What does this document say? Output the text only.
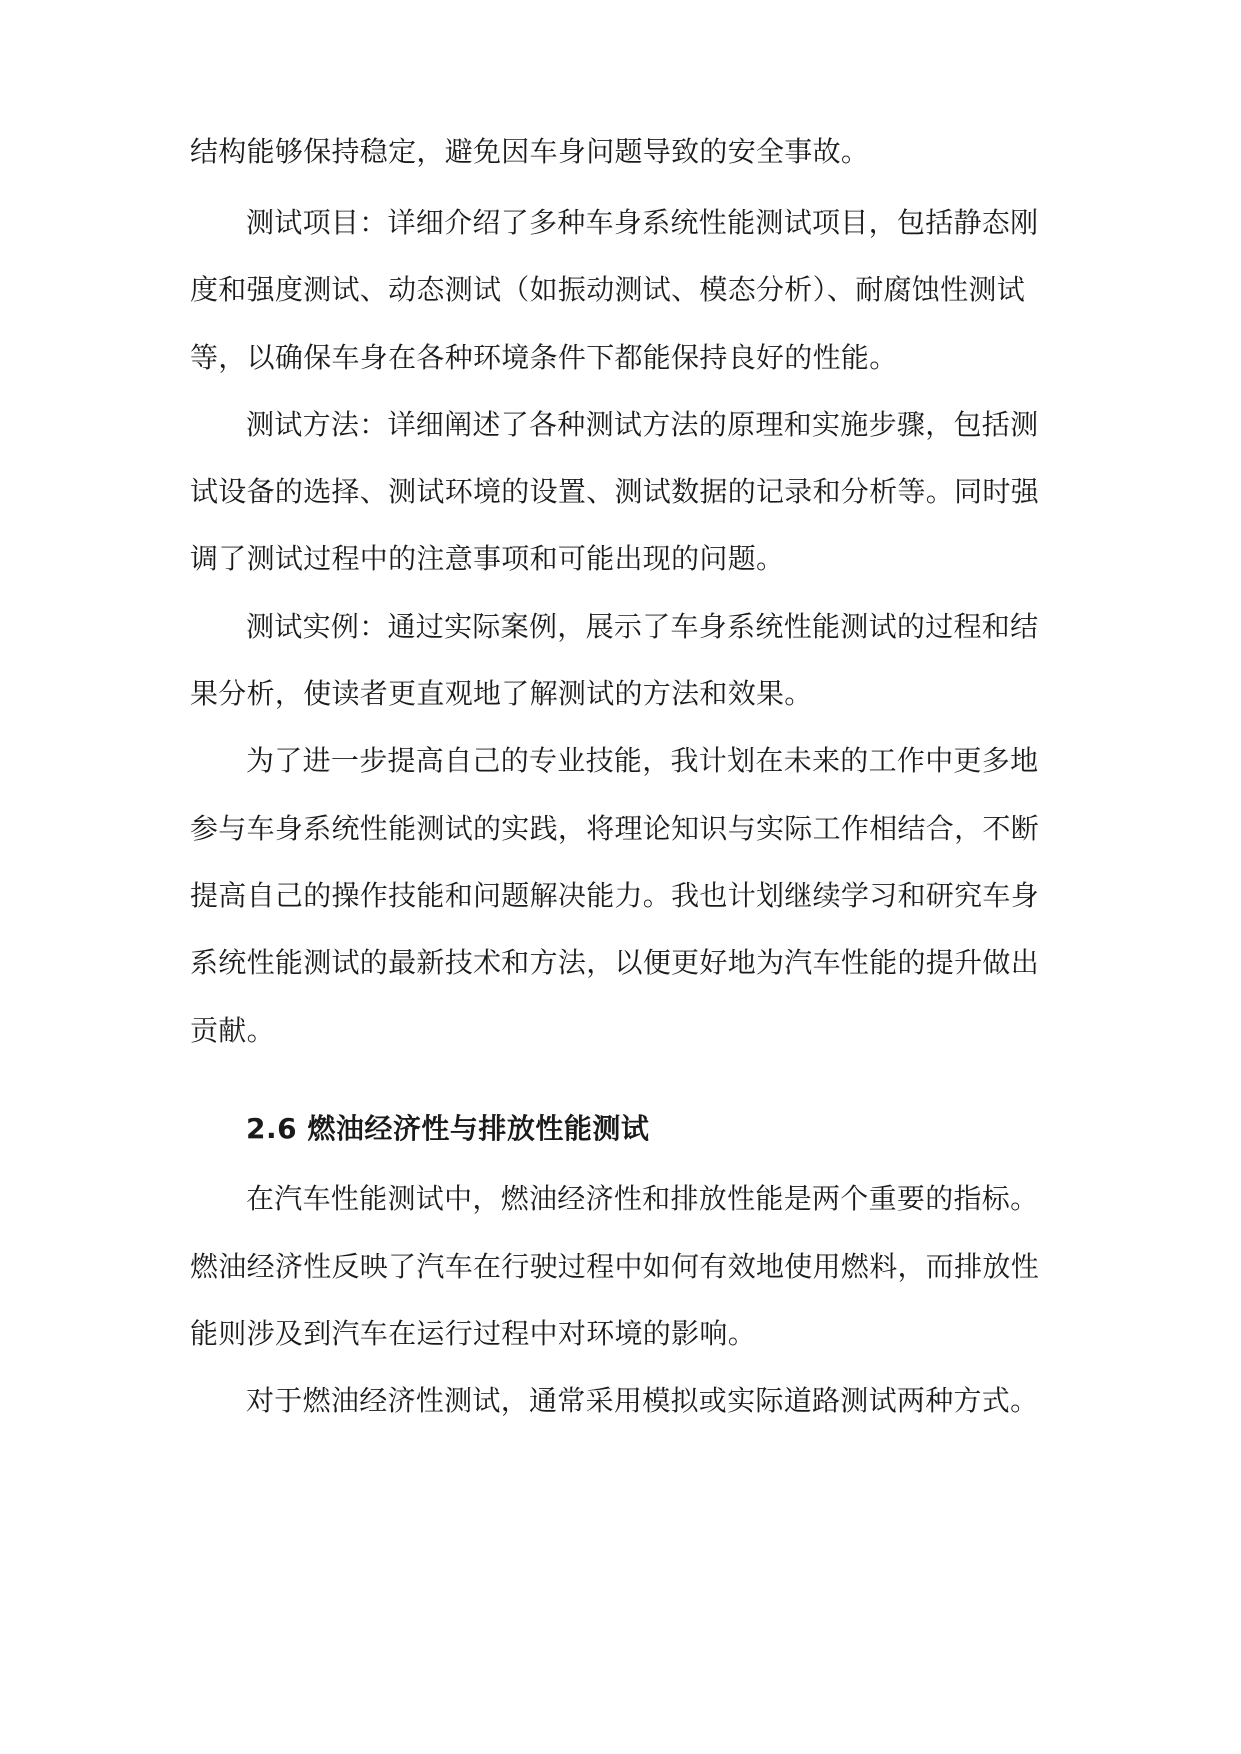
结构能够保持稳定，避免因车身问题导致的安全事故。
测试项目：详细介绍了多种车身系统性能测试项目，包括静态刚
度和强度测试、动态测试（如振动测试、模态分析）、耐腐蚀性测试
等，以确保车身在各种环境条件下都能保持良好的性能。
测试方法：详细阐述了各种测试方法的原理和实施步骤，包括测
试设备的选择、测试环境的设置、测试数据的记录和分析等。同时强
调了测试过程中的注意事项和可能出现的问题。
测试实例：通过实际案例，展示了车身系统性能测试的过程和结
果分析，使读者更直观地了解测试的方法和效果。
为了进一步提高自己的专业技能，我计划在未来的工作中更多地
参与车身系统性能测试的实践，将理论知识与实际工作相结合，不断
提高自己的操作技能和问题解决能力。我也计划继续学习和研究车身
系统性能测试的最新技术和方法，以便更好地为汽车性能的提升做出
贡献。
2.6 燃油经济性与排放性能测试
在汽车性能测试中，燃油经济性和排放性能是两个重要的指标。
燃油经济性反映了汽车在行驶过程中如何有效地使用燃料，而排放性
能则涉及到汽车在运行过程中对环境的影响。
对于燃油经济性测试，通常采用模拟或实际道路测试两种方式。
